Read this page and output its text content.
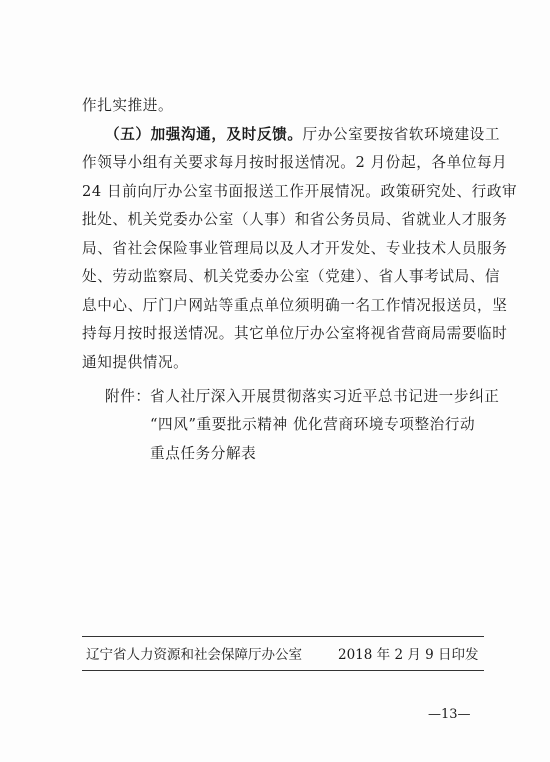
作扎实推进。
（五）加强沟通，及时反馈。厅办公室要按省软环境建设工
作领导小组有关要求每月按时报送情况。2 月份起，各单位每月
24 日前向厅办公室书面报送工作开展情况。政策研究处、行政审
批处、机关党委办公室（人事）和省公务员局、省就业人才服务
局、省社会保险事业管理局以及人才开发处、专业技术人员服务
处、劳动监察局、机关党委办公室（党建）、省人事考试局、信
息中心、厅门户网站等重点单位须明确一名工作情况报送员，坚
持每月按时报送情况。其它单位厅办公室将视省营商局需要临时
通知提供情况。
附件： 省人社厅深入开展贯彻落实习近平总书记进一步纠正
“四风”重要批示精神 优化营商环境专项整治行动
重点任务分解表
辽宁省人力资源和社会保障厅办公室	2018 年 2 月 9 日印发
—13—
